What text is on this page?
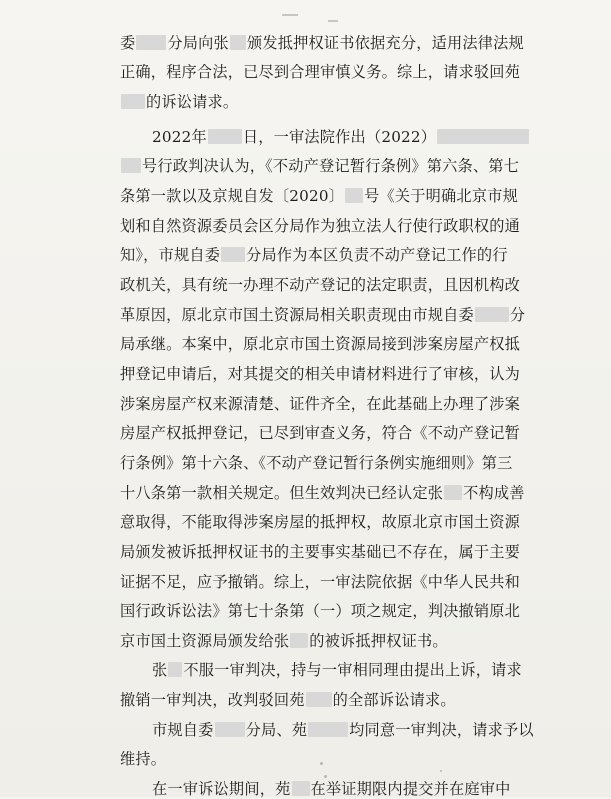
委 分局向张 颁发抵押权证书依据充分，适用法律法规
正确，程序合法，已尽到合理审慎义务。综上，请求驳回苑
的诉讼请求。
2022年 日，一审法院作出（2022）
号行政判决认为，《不动产登记暂行条例》第六条、第七
条第一款以及京规自发〔2020〕 号《关于明确北京市规
划和自然资源委员会区分局作为独立法人行使行政职权的通
知》，市规自委 分局作为本区负责不动产登记工作的行
政机关，具有统一办理不动产登记的法定职责，且因机构改
革原因，原北京市国土资源局相关职责现由市规自委 分
局承继。本案中，原北京市国土资源局接到涉案房屋产权抵
押登记申请后，对其提交的相关申请材料进行了审核，认为
涉案房屋产权来源清楚、证件齐全，在此基础上办理了涉案
房屋产权抵押登记，已尽到审查义务，符合《不动产登记暂
行条例》第十六条、《不动产登记暂行条例实施细则》第三
十八条第一款相关规定。但生效判决已经认定张 不构成善
意取得，不能取得涉案房屋的抵押权，故原北京市国土资源
局颁发被诉抵押权证书的主要事实基础已不存在，属于主要
证据不足，应予撤销。综上，一审法院依据《中华人民共和
国行政诉讼法》第七十条第（一）项之规定，判决撤销原北
京市国土资源局颁发给张 的被诉抵押权证书。
张 不服一审判决，持与一审相同理由提出上诉，请求
撤销一审判决，改判驳回苑 的全部诉讼请求。
市规自委 分局、苑	均同意一审判决，请求予以
维持。
在一审诉讼期间，苑 在举证期限内提交并在庭审中
